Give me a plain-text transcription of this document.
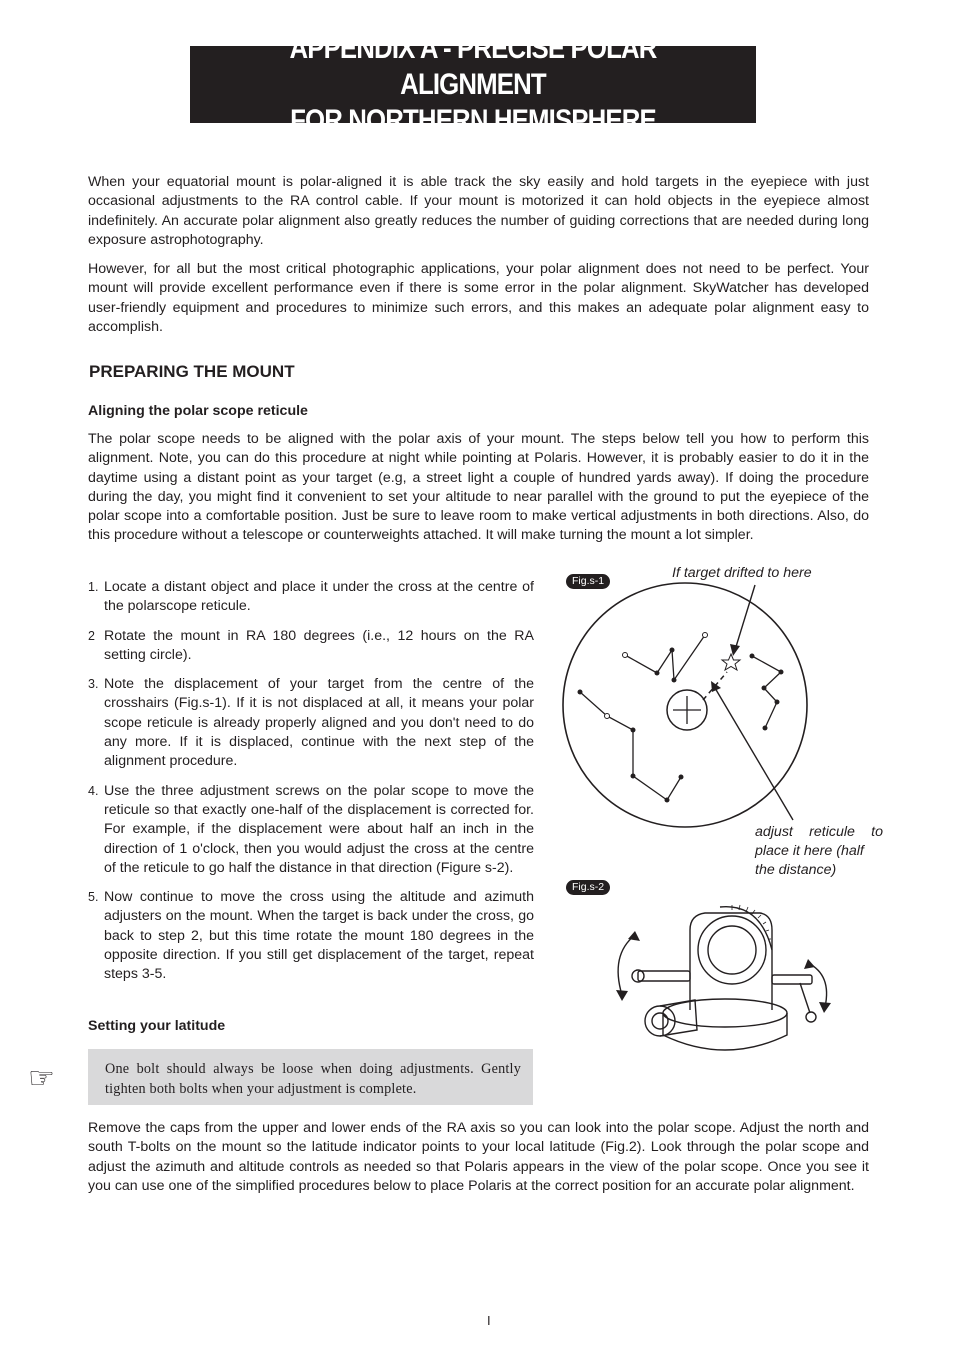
APPENDIX A - PRECISE POLAR ALIGNMENT
FOR NORTHERN HEMISPHERE

When your equatorial mount is polar-aligned it is able track the sky easily and hold targets in the eyepiece with just occasional adjustments to the RA control cable. If your mount is motorized it can hold objects in the eyepiece almost indefinitely. An accurate polar alignment also greatly reduces the number of guiding corrections that are needed during long exposure astrophotography.

However, for all but the most critical photographic applications, your polar alignment does not need to be perfect. Your mount will provide excellent performance even if there is some error in the polar alignment. SkyWatcher has developed user-friendly equipment and procedures to minimize such errors, and this makes an adequate polar alignment easy to accomplish.

PREPARING THE MOUNT
Aligning the polar scope reticule

The polar scope needs to be aligned with the polar axis of your mount. The steps below tell you how to perform this alignment. Note, you can do this procedure at night while pointing at Polaris. However, it is probably easier to do it in the daytime using a distant point as your target (e.g, a street light a couple of hundred yards away). If doing the procedure during the day, you might find it convenient to set your altitude to near parallel with the ground to put the eyepiece of the polar scope into a comfortable position. Just be sure to leave room to make vertical adjustments in both directions. Also, do this procedure without a telescope or counterweights attached. It will make turning the mount a lot simpler.

1. Locate a distant object and place it under the cross at the centre of the polarscope reticule.
2 Rotate the mount in RA 180 degrees (i.e., 12 hours on the RA setting circle).
3. Note the displacement of your target from the centre of the crosshairs (Fig.s-1). If it is not displaced at all, it means your polar scope reticule is already properly aligned and you don't need to do any more. If it is displaced, continue with the next step of the alignment procedure.
4. Use the three adjustment screws on the polar scope to move the reticule so that exactly one-half of the displacement is corrected for. For example, if the displacement were about half an inch in the direction of 1 o'clock, then you would adjust the cross at the centre of the reticule to go half the distance in that direction (Figure s-2).
5. Now continue to move the cross using the altitude and azimuth adjusters on the mount. When the target is back under the cross, go back to step 2, but this time rotate the mount 180 degrees in the opposite direction. If you still get displacement of the target, repeat steps 3-5.
Fig.s-1	If target drifted to here
adjust reticule to
place it here (half
the distance)
Fig.s-2
Setting your latitude
☞	One bolt should always be loose when doing adjustments. Gently tighten both bolts when your adjustment is complete.

Remove the caps from the upper and lower ends of the RA axis so you can look into the polar scope. Adjust the north and south T-bolts on the mount so the latitude indicator points to your local latitude (Fig.2). Look through the polar scope and adjust the azimuth and altitude controls as needed so that Polaris appears in the view of the polar scope. Once you see it you can use one of the simplified procedures below to place Polaris at the correct position for an accurate polar alignment.

I
